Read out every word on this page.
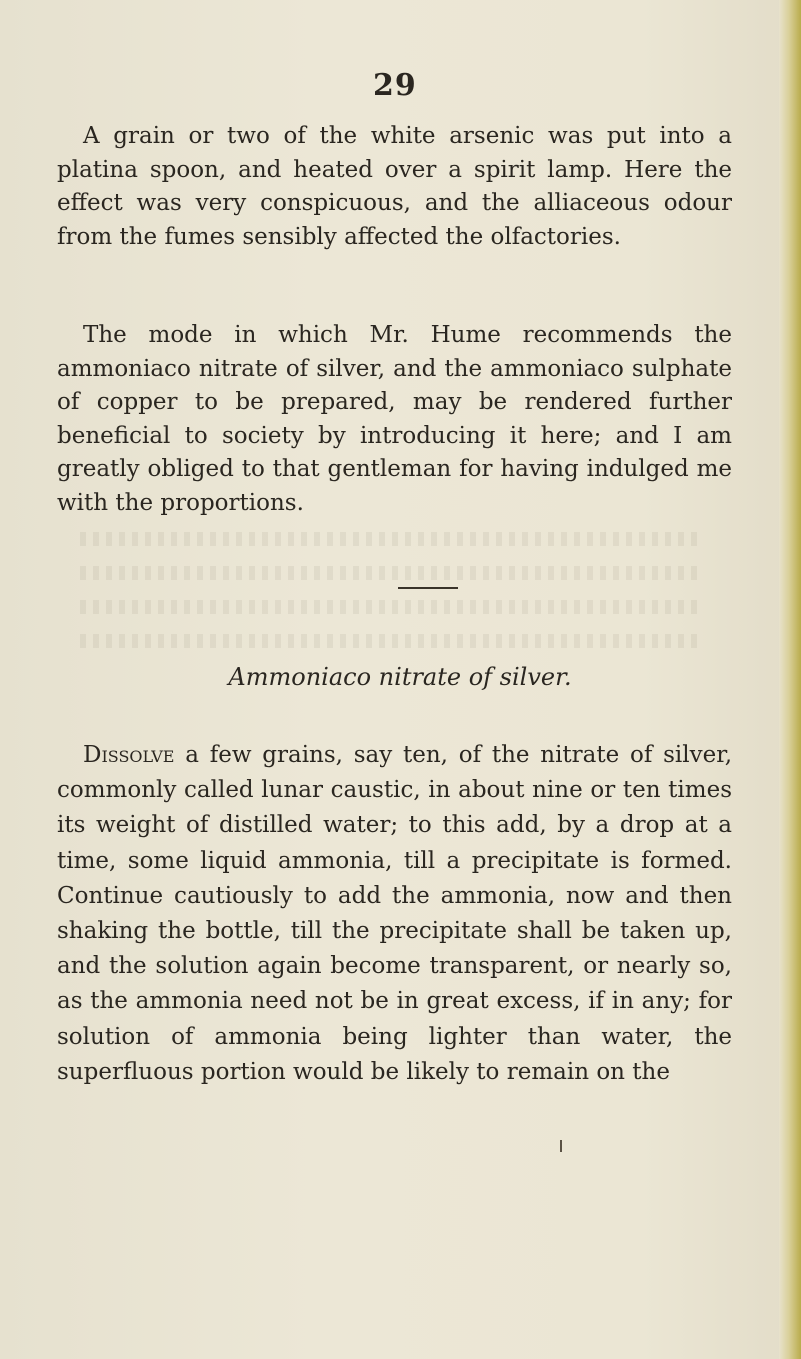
29

A grain or two of the white arsenic was put into a platina spoon, and heated over a spirit lamp. Here the effect was very conspicuous, and the alliaceous odour from the fumes sensibly affected the olfactories.

The mode in which Mr. Hume recommends the ammoniaco nitrate of silver, and the ammoniaco sulphate of copper to be prepared, may be rendered further beneficial to society by introducing it here; and I am greatly obliged to that gentleman for having indulged me with the proportions.

Ammoniaco nitrate of silver.

Dissolve a few grains, say ten, of the nitrate of silver, commonly called lunar caustic, in about nine or ten times its weight of distilled water; to this add, by a drop at a time, some liquid ammonia, till a precipitate is formed. Continue cautiously to add the ammonia, now and then shaking the bottle, till the precipitate shall be taken up, and the solution again become transparent, or nearly so, as the ammonia need not be in great excess, if in any; for solution of ammonia being lighter than water, the superfluous portion would be likely to remain on the
